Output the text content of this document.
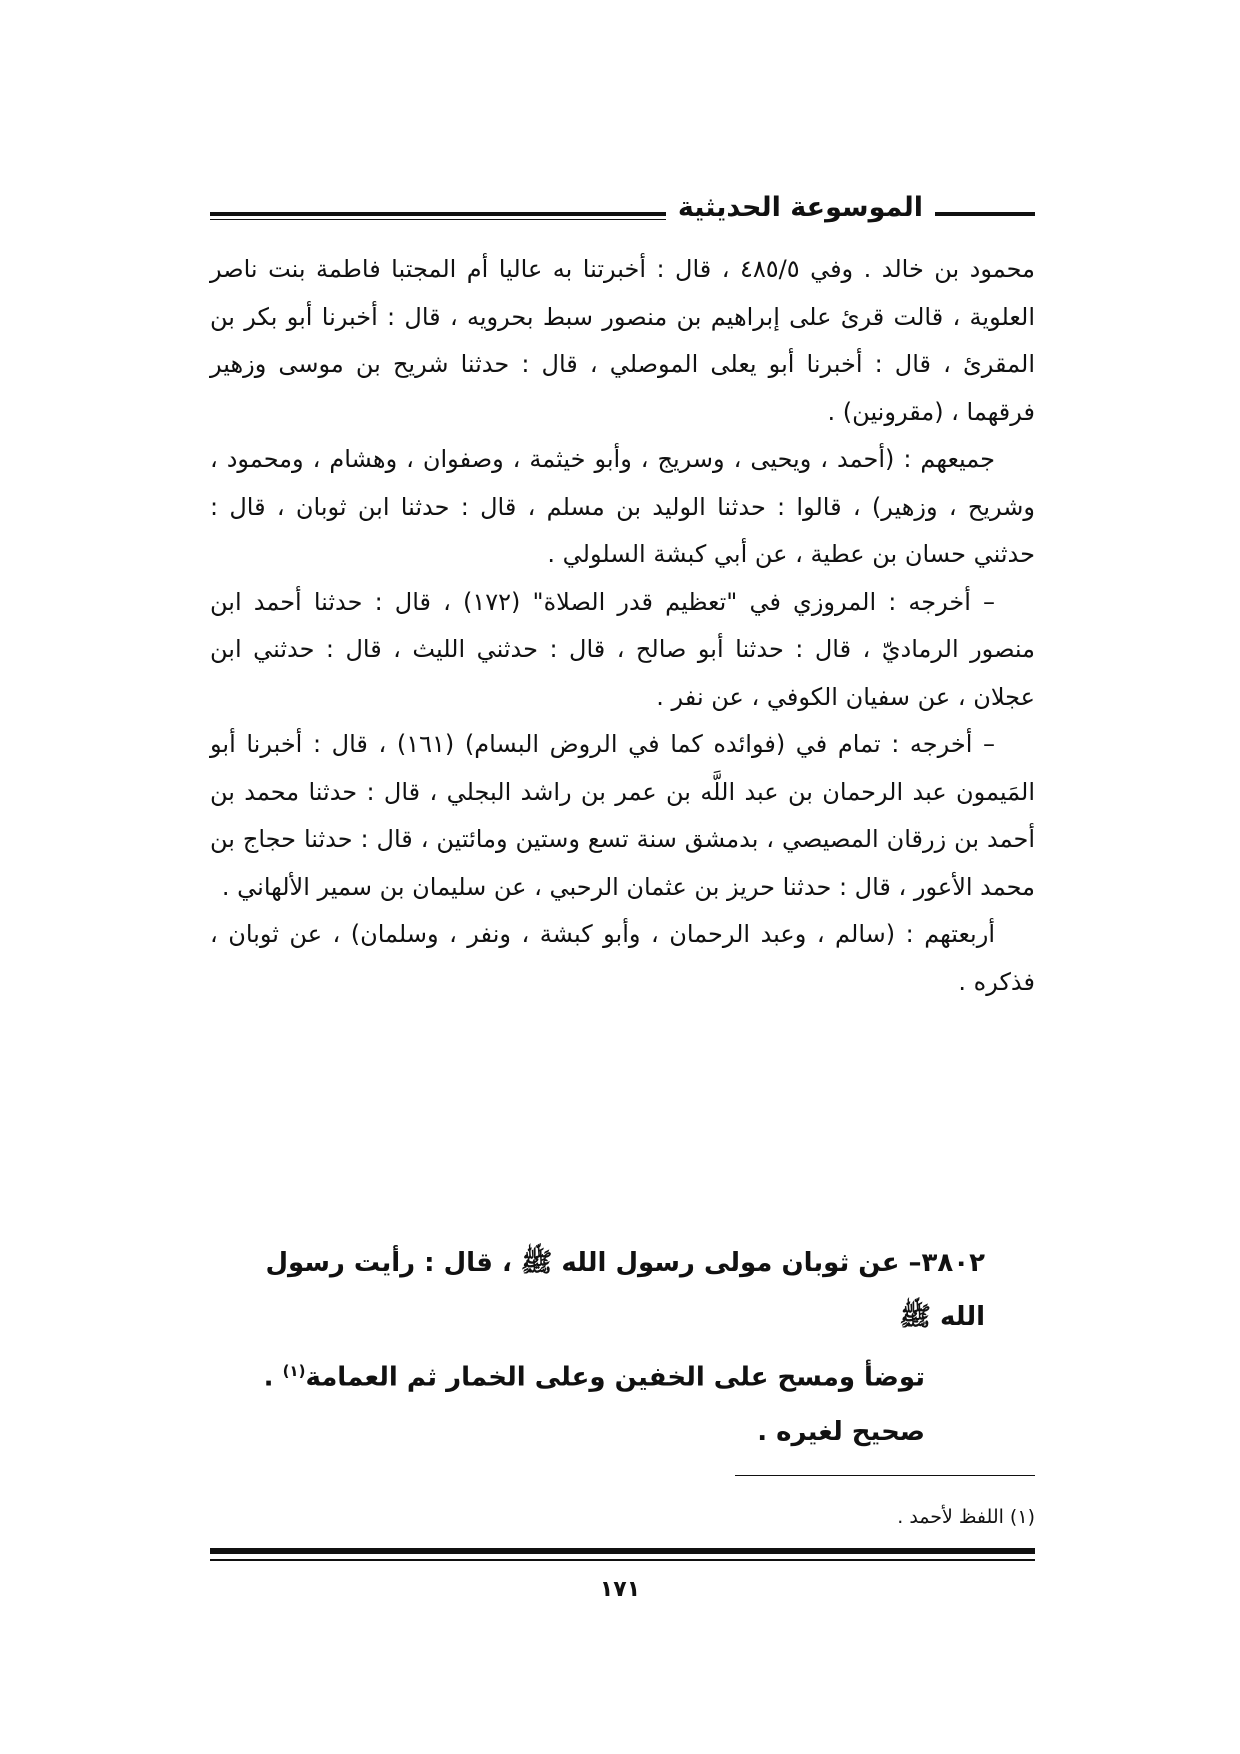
الموسوعة الحديثية

محمود بن خالد . وفي ٤٨٥/٥ ، قال : أخبرتنا به عاليا أم المجتبا فاطمة بنت ناصر العلوية ، قالت قرئ على إبراهيم بن منصور سبط بحرويه ، قال : أخبرنا أبو بكر بن المقرئ ، قال : أخبرنا أبو يعلى الموصلي ، قال : حدثنا شريح بن موسى وزهير فرقهما ، (مقرونين) .

جميعهم : (أحمد ، ويحيى ، وسريج ، وأبو خيثمة ، وصفوان ، وهشام ، ومحمود ، وشريح ، وزهير) ، قالوا : حدثنا الوليد بن مسلم ، قال : حدثنا ابن ثوبان ، قال : حدثني حسان بن عطية ، عن أبي كبشة السلولي .

– أخرجه : المروزي في "تعظيم قدر الصلاة" (١٧٢) ، قال : حدثنا أحمد ابن منصور الرماديّ ، قال : حدثنا أبو صالح ، قال : حدثني الليث ، قال : حدثني ابن عجلان ، عن سفيان الكوفي ، عن نفر .

– أخرجه : تمام في (فوائده كما في الروض البسام) (١٦١) ، قال : أخبرنا أبو المَيمون عبد الرحمان بن عبد اللَّه بن عمر بن راشد البجلي ، قال : حدثنا محمد بن أحمد بن زرقان المصيصي ، بدمشق سنة تسع وستين ومائتين ، قال : حدثنا حجاج بن محمد الأعور ، قال : حدثنا حريز بن عثمان الرحبي ، عن سليمان بن سمير الألهاني .

أربعتهم : (سالم ، وعبد الرحمان ، وأبو كبشة ، ونفر ، وسلمان) ، عن ثوبان ، فذكره .

٣٨٠٢– عن ثوبان مولى رسول الله ﷺ ، قال : رأيت رسول الله ﷺ

توضأ ومسح على الخفين وعلى الخمار ثم العمامة$^{(١)}$ .

صحيح لغيره .

(١) اللفظ لأحمد .
١٧١
